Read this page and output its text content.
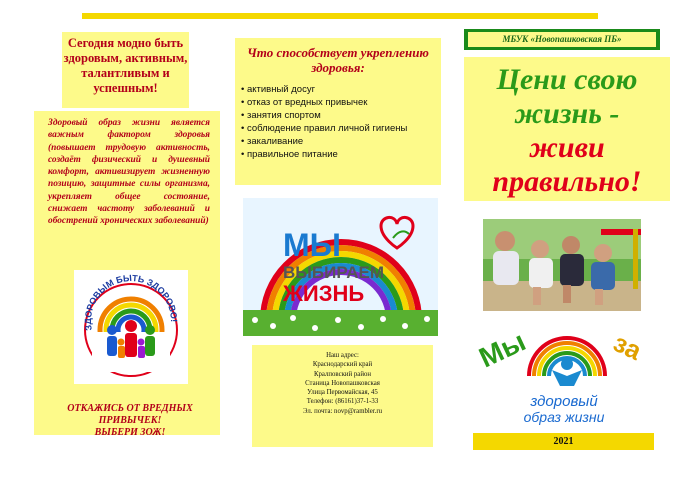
Сегодня модно быть здоровым, активным, талантливым и успешным!

Здоровый образ жизни является важным фактором здоровья (повышает трудовую активность, создаёт физический и душевный комфорт, активизирует жизненную позицию, защитные силы организма, укрепляет общее состояние, снижает частоту заболеваний и обострений хронических заболеваний)

ЗДОРОВЫМ БЫТЬ ЗДОРОВО!
ОТКАЖИСЬ ОТ ВРЕДНЫХ
ПРИВЫЧЕК!
ВЫБЕРИ ЗОЖ!
Что способствует укреплению здоровья:
• активный досуг
• отказ от вредных привычек
• занятия спортом
• соблюдение правил личной гигиены
• закаливание
• правильное питание
МЫ
ВЫБИРАЕМ
ЖИЗНЬ
Наш адрес:
Краснодарский край
Кралповский район
Станица Новопашковская
Улица Первомайская, 45
Телефон: (86161)37-1-33
Эл. почта: novp@rambler.ru
МБУК «Новопашковская ПБ»
Цени свою
жизнь -
живи
правильно!
Мы	за
здоровый
образ жизни
2021
